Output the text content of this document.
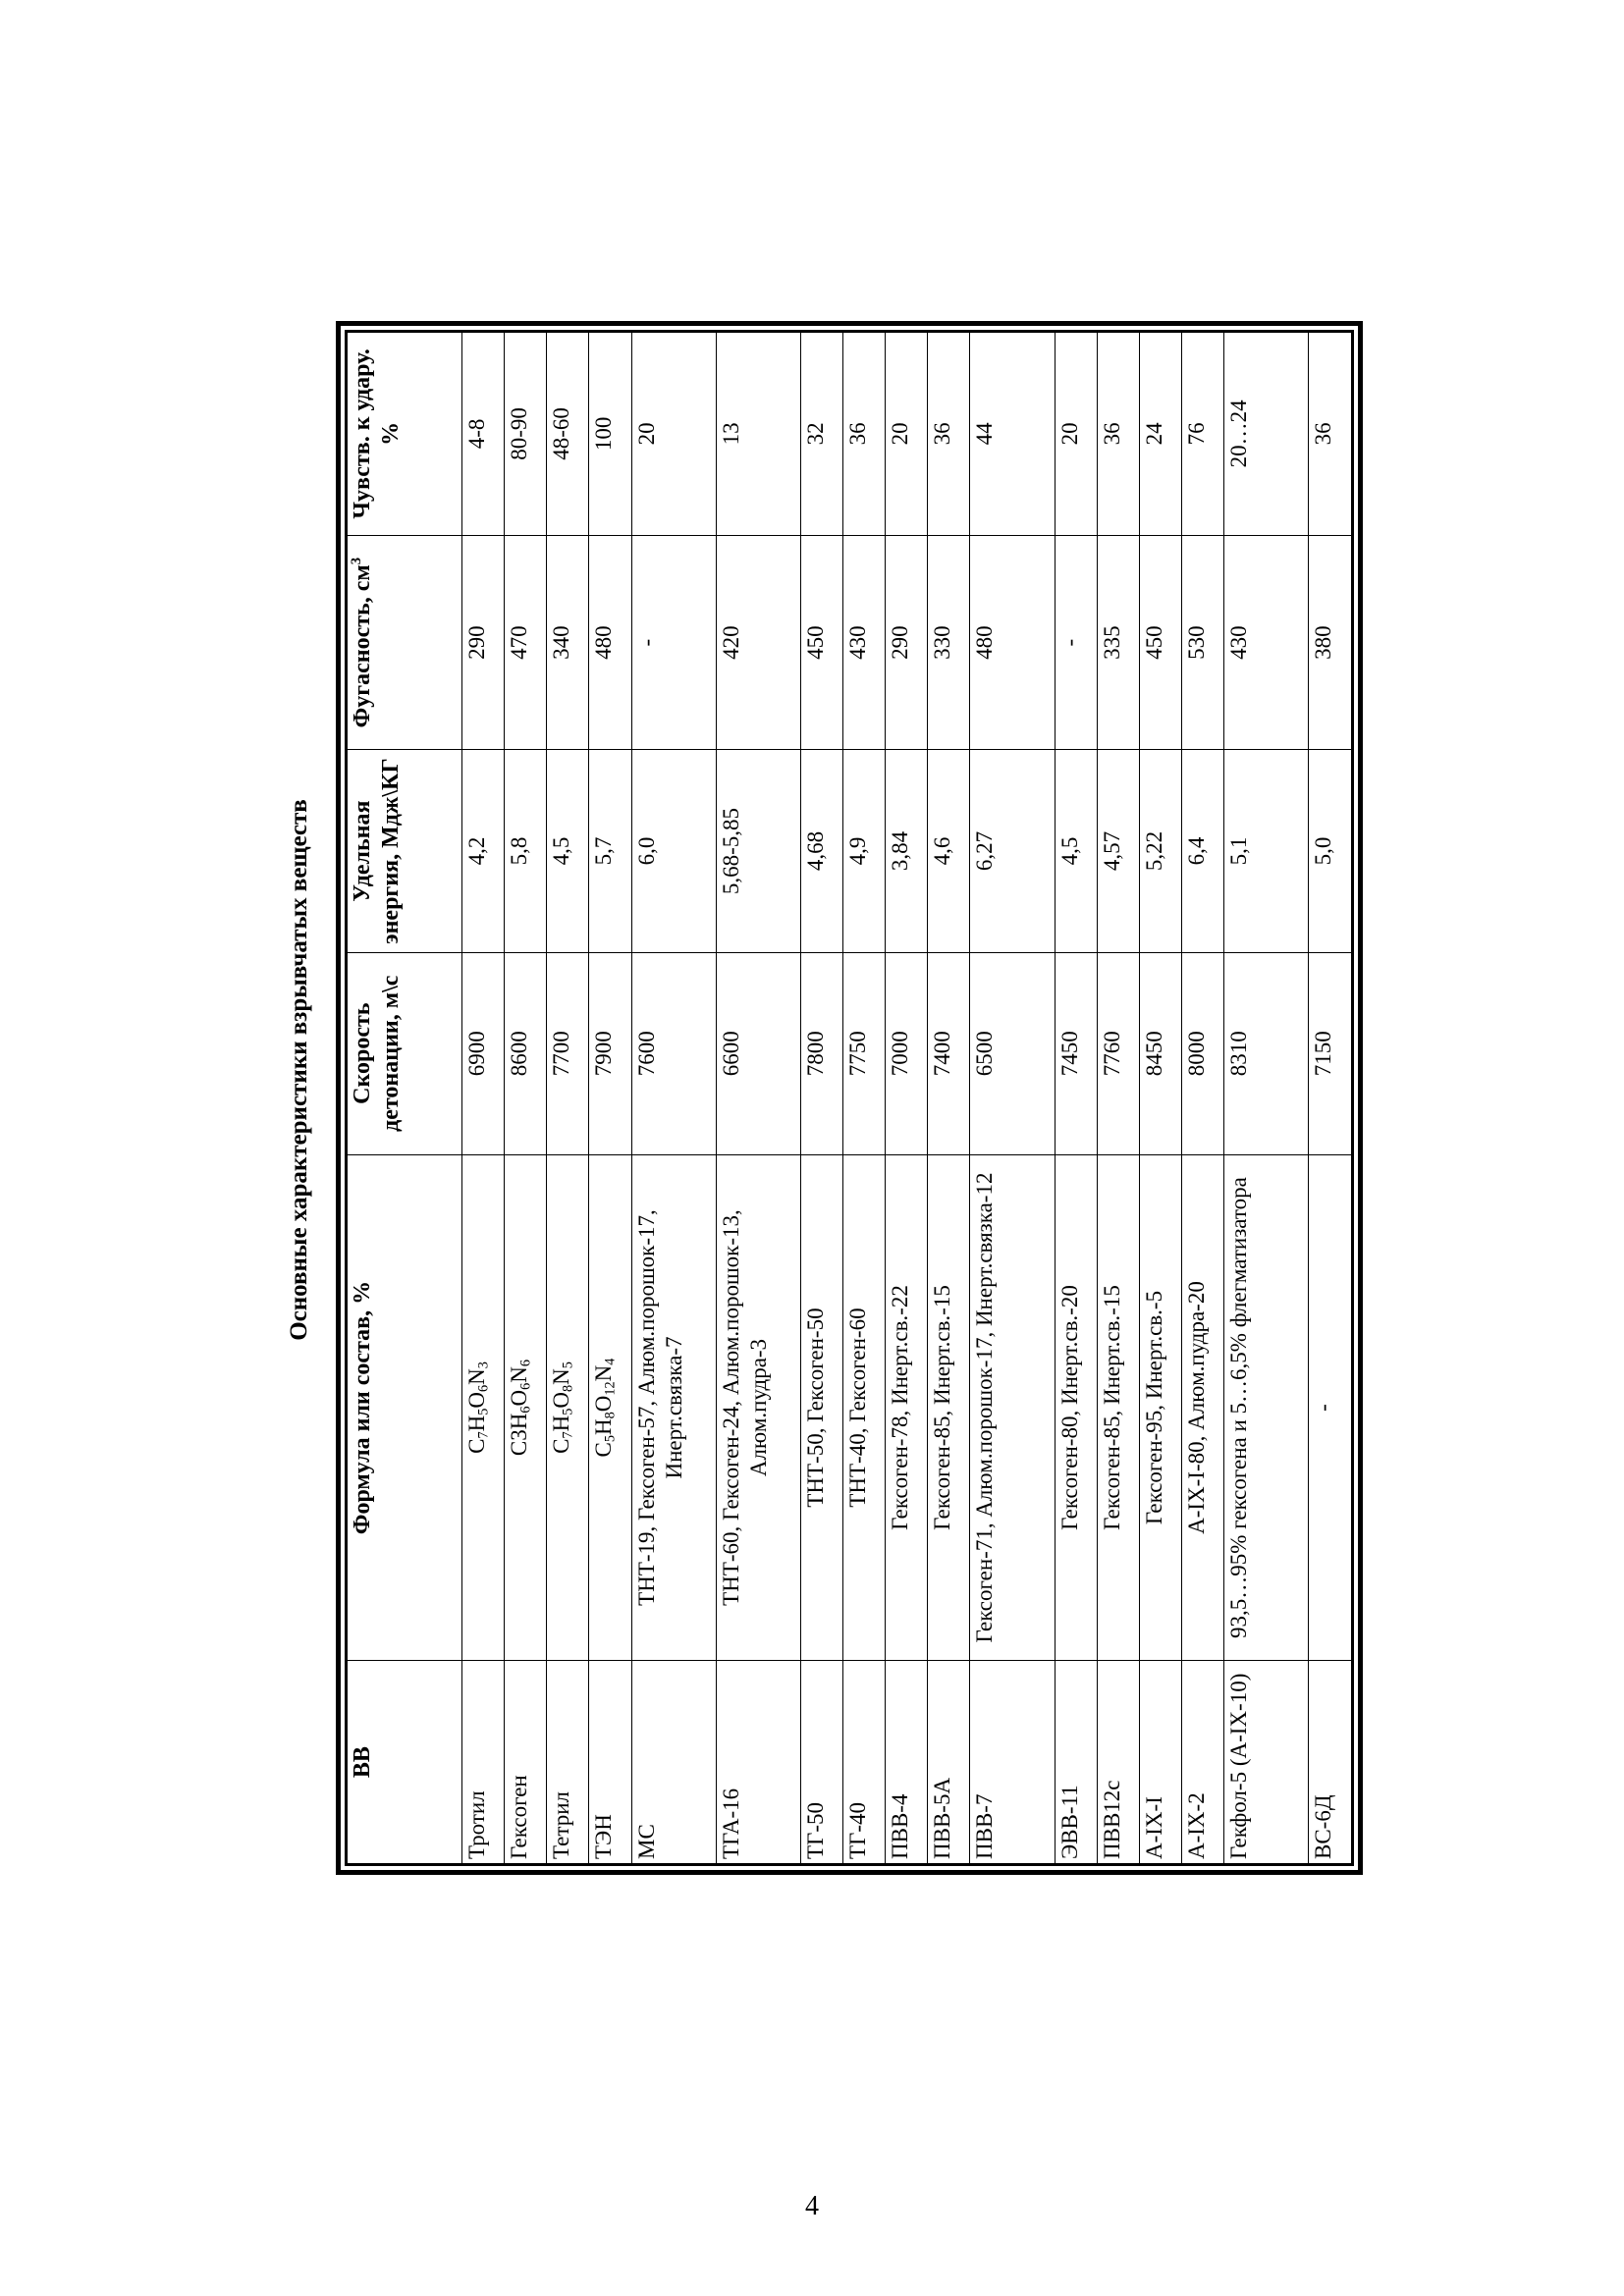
Основные характеристики взрывчатых веществ
ВВ	Формула или состав, %	Скорость детонации, м\с	Удельная энергия, Мдж\КГ	Фугасность, $см^3$	Чувств. к удару. %
Тротил	$C_7H_5O_6N_3$	6900	4,2	290	4-8
Гексоген	$C3H_6O_6N_6$	8600	5,8	470	80-90
Тетрил	$C_7H_5O_8N_5$	7700	4,5	340	48-60
ТЭН	$C_5H_8O_{12}N_4$	7900	5,7	480	100
МС	ТНТ-19, Гексоген-57, Алюм.порошок-17, Инерт.связка-7	7600	6,0	-	20
ТГА-16	ТНТ-60, Гексоген-24, Алюм.порошок-13, Алюм.пудра-3	6600	5,68-5,85	420	13
ТГ-50	ТНТ-50, Гексоген-50	7800	4,68	450	32
ТГ-40	ТНТ-40, Гексоген-60	7750	4,9	430	36
ПВВ-4	Гексоген-78, Инерт.св.-22	7000	3,84	290	20
ПВВ-5А	Гексоген-85, Инерт.св.-15	7400	4,6	330	36
ПВВ-7	Гексоген-71, Алюм.порошок-17, Инерт.связка-12	6500	6,27	480	44
ЭВВ-11	Гексоген-80, Инерт.св.-20	7450	4,5	-	20
ПВВ12с	Гексоген-85, Инерт.св.-15	7760	4,57	335	36
А-IX-I	Гексоген-95, Инерт.св.-5	8450	5,22	450	24
А-IX-2	А-IX-I-80, Алюм.пудра-20	8000	6,4	530	76
Гекфол-5 (А-IX-10)	93,5…95% гексогена и 5…6,5% флегматизатора	8310	5,1	430	20…24
ВС-6Д	-	7150	5,0	380	36
4
